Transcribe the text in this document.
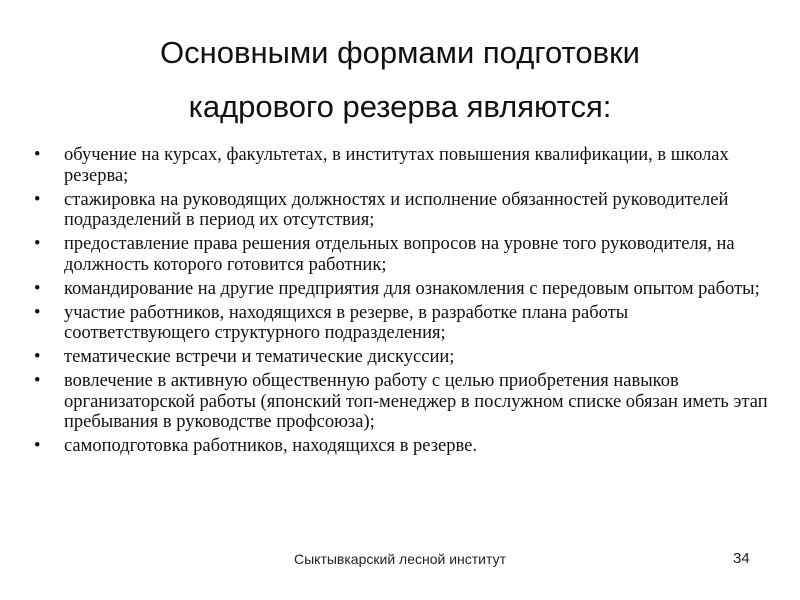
Основными формами подготовки
кадрового резерва являются:
• обучение на курсах, факультетах, в институтах повышения квалификации, в школах резерва;
• стажировка на руководящих должностях и исполнение обязанностей руководителей подразделений в период их отсутствия;
• предоставление права решения отдельных вопросов на уровне того руководителя, на должность которого готовится работник;
• командирование на другие предприятия для ознакомления с передовым опытом работы;
• участие работников, находящихся в резерве, в разработке плана работы соответствующего структурного подразделения;
• тематические встречи и тематические дискуссии;
• вовлечение в активную общественную работу с целью приобретения навыков организаторской работы (японский топ-менеджер в послужном списке обязан иметь этап пребывания в руководстве профсоюза);
• самоподготовка работников, находящихся в резерве.
Сыктывкарский лесной институт	34
